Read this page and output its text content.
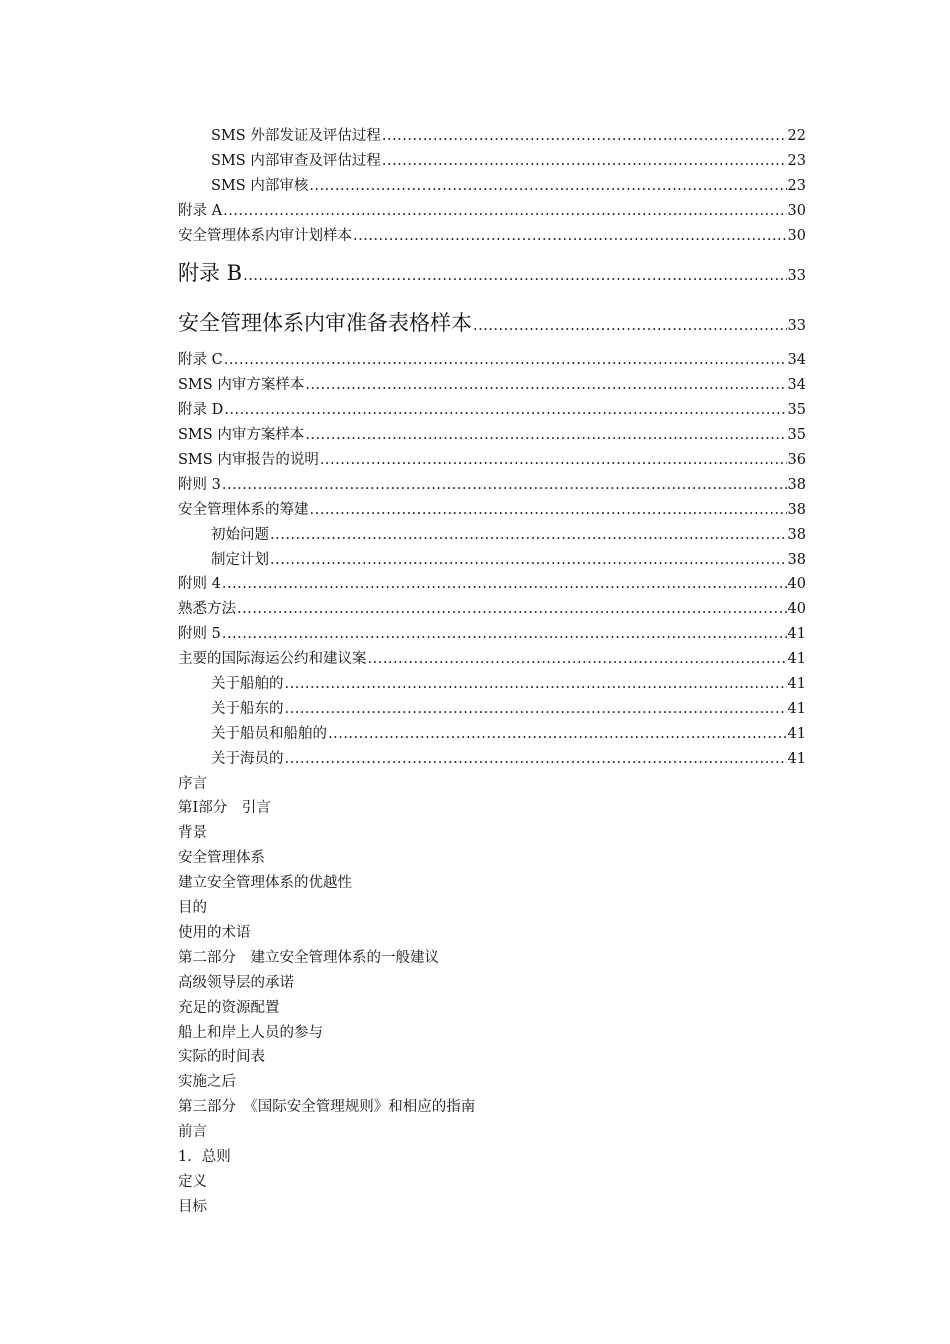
SMS 外部发证及评估过程 .....	22
SMS 内部审查及评估过程 .....	23
SMS 内部审核 .....	23
附录 A .....	30
安全管理体系内审计划样本 .....	30
附录 B .....	33
安全管理体系内审准备表格样本 .....	33
附录 C .....	34
SMS 内审方案样本 .....	34
附录 D .....	35
SMS 内审方案样本 .....	35
SMS 内审报告的说明 .....	36
附则 3 .....	38
安全管理体系的筹建 .....	38
初始问题 .....	38
制定计划 .....	38
附则 4 .....	40
熟悉方法 .....	40
附则 5 .....	41
主要的国际海运公约和建议案 .....	41
关于船舶的 .....	41
关于船东的 .....	41
关于船员和船舶的 .....	41
关于海员的 .....	41
序言
第Ⅰ部分　引言
背景
安全管理体系
建立安全管理体系的优越性
目的
使用的术语
第二部分　建立安全管理体系的一般建议
高级领导层的承诺
充足的资源配置
船上和岸上人员的参与
实际的时间表
实施之后
第三部分　《国际安全管理规则》和相应的指南
前言
1．总则
定义
目标
